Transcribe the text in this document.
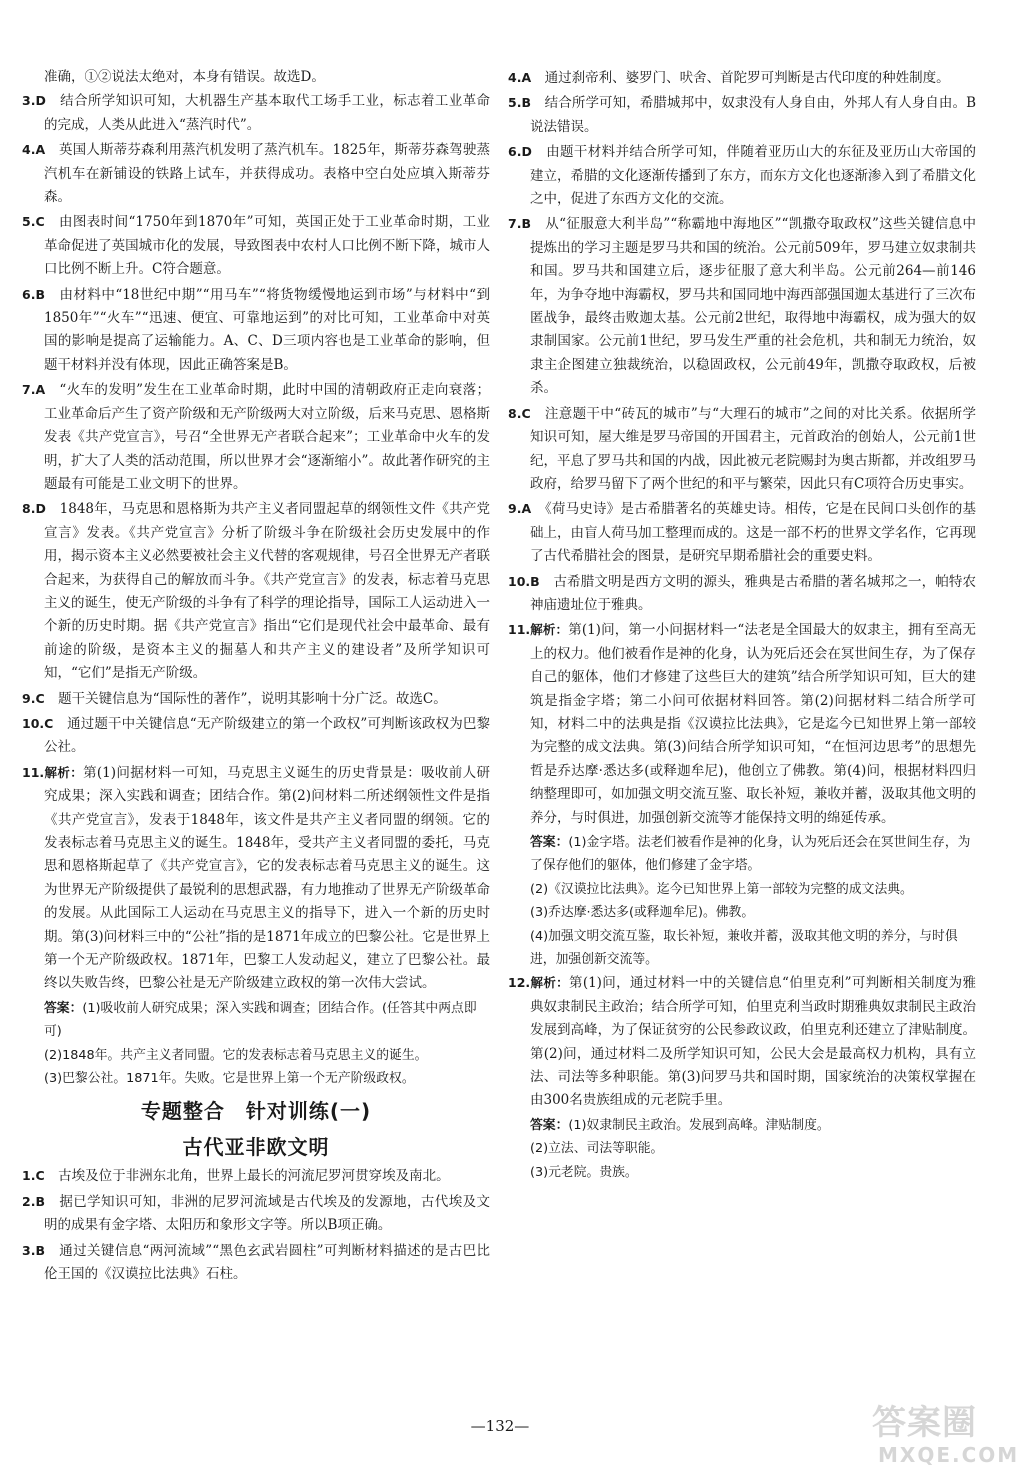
准确，①②说法太绝对，本身有错误。故选D。

3.D　 结合所学知识可知，大机器生产基本取代工场手工业，标志着工业革命的完成，人类从此进入“蒸汽时代”。

4.A　 英国人斯蒂芬森利用蒸汽机发明了蒸汽机车。1825年，斯蒂芬森驾驶蒸汽机车在新铺设的铁路上试车，并获得成功。表格中空白处应填入斯蒂芬森。

5.C　 由图表时间“1750年到1870年”可知，英国正处于工业革命时期，工业革命促进了英国城市化的发展，导致图表中农村人口比例不断下降，城市人口比例不断上升。C符合题意。

6.B　 由材料中“18世纪中期”“用马车”“将货物缓慢地运到市场”与材料中“到1850年”“火车”“迅速、便宜、可靠地运到”的对比可知，工业革命中对英国的影响是提高了运输能力。A、C、D三项内容也是工业革命的影响，但题干材料并没有体现，因此正确答案是B。

7.A　 “火车的发明”发生在工业革命时期，此时中国的清朝政府正走向衰落；工业革命后产生了资产阶级和无产阶级两大对立阶级，后来马克思、恩格斯发表《共产党宣言》，号召“全世界无产者联合起来”；工业革命中火车的发明，扩大了人类的活动范围，所以世界才会“逐渐缩小”。故此著作研究的主题最有可能是工业文明下的世界。

8.D　 1848年，马克思和恩格斯为共产主义者同盟起草的纲领性文件《共产党宣言》发表。《共产党宣言》分析了阶级斗争在阶级社会历史发展中的作用，揭示资本主义必然要被社会主义代替的客观规律，号召全世界无产者联合起来，为获得自己的解放而斗争。《共产党宣言》的发表，标志着马克思主义的诞生，使无产阶级的斗争有了科学的理论指导，国际工人运动进入一个新的历史时期。据《共产党宣言》指出“它们是现代社会中最革命、最有前途的阶级，是资本主义的掘墓人和共产主义的建设者”及所学知识可知，“它们”是指无产阶级。

9.C　 题干关键信息为“国际性的著作”，说明其影响十分广泛。故选C。

10.C　 通过题干中关键信息“无产阶级建立的第一个政权”可判断该政权为巴黎公社。

11.解析：第(1)问据材料一可知，马克思主义诞生的历史背景是：吸收前人研究成果；深入实践和调查；团结合作。第(2)问材料二所述纲领性文件是指《共产党宣言》，发表于1848年，该文件是共产主义者同盟的纲领。它的发表标志着马克思主义的诞生。1848年，受共产主义者同盟的委托，马克思和恩格斯起草了《共产党宣言》，它的发表标志着马克思主义的诞生。这为世界无产阶级提供了最锐利的思想武器，有力地推动了世界无产阶级革命的发展。从此国际工人运动在马克思主义的指导下，进入一个新的历史时期。第(3)问材料三中的“公社”指的是1871年成立的巴黎公社。它是世界上第一个无产阶级政权。1871年，巴黎工人发动起义，建立了巴黎公社。最终以失败告终，巴黎公社是无产阶级建立政权的第一次伟大尝试。

答案：(1)吸收前人研究成果；深入实践和调查；团结合作。(任答其中两点即可)

(2)1848年。共产主义者同盟。它的发表标志着马克思主义的诞生。

(3)巴黎公社。1871年。失败。它是世界上第一个无产阶级政权。

专题整合　针对训练(一)
古代亚非欧文明

1.C　 古埃及位于非洲东北角，世界上最长的河流尼罗河贯穿埃及南北。

2.B　 据已学知识可知，非洲的尼罗河流域是古代埃及的发源地，古代埃及文明的成果有金字塔、太阳历和象形文字等。所以B项正确。

3.B　 通过关键信息“两河流域”“黑色玄武岩圆柱”可判断材料描述的是古巴比伦王国的《汉谟拉比法典》石柱。

4.A　 通过刹帝利、婆罗门、吠舍、首陀罗可判断是古代印度的种姓制度。

5.B　 结合所学可知，希腊城邦中，奴隶没有人身自由，外邦人有人身自由。B说法错误。

6.D　 由题干材料并结合所学可知，伴随着亚历山大的东征及亚历山大帝国的建立，希腊的文化逐渐传播到了东方，而东方文化也逐渐渗入到了希腊文化之中，促进了东西方文化的交流。

7.B　 从“征服意大利半岛”“称霸地中海地区”“凯撒夺取政权”这些关键信息中提炼出的学习主题是罗马共和国的统治。公元前509年，罗马建立奴隶制共和国。罗马共和国建立后，逐步征服了意大利半岛。公元前264—前146年，为争夺地中海霸权，罗马共和国同地中海西部强国迦太基进行了三次布匿战争，最终击败迦太基。公元前2世纪，取得地中海霸权，成为强大的奴隶制国家。公元前1世纪，罗马发生严重的社会危机，共和制无力统治，奴隶主企图建立独裁统治，以稳固政权，公元前49年，凯撒夺取政权，后被杀。

8.C　 注意题干中“砖瓦的城市”与“大理石的城市”之间的对比关系。依据所学知识可知，屋大维是罗马帝国的开国君主，元首政治的创始人，公元前1世纪，平息了罗马共和国的内战，因此被元老院赐封为奥古斯都，并改组罗马政府，给罗马留下了两个世纪的和平与繁荣，因此只有C项符合历史事实。

9.A　 《荷马史诗》是古希腊著名的英雄史诗。相传，它是在民间口头创作的基础上，由盲人荷马加工整理而成的。这是一部不朽的世界文学名作，它再现了古代希腊社会的图景，是研究早期希腊社会的重要史料。

10.B　 古希腊文明是西方文明的源头，雅典是古希腊的著名城邦之一，帕特农神庙遗址位于雅典。

11.解析：第(1)问，第一小问据材料一“法老是全国最大的奴隶主，拥有至高无上的权力。他们被看作是神的化身，认为死后还会在冥世间生存，为了保存自己的躯体，他们才修建了这些巨大的建筑”结合所学知识可知，巨大的建筑是指金字塔；第二小问可依据材料回答。第(2)问据材料二结合所学可知，材料二中的法典是指《汉谟拉比法典》，它是迄今已知世界上第一部较为完整的成文法典。第(3)问结合所学知识可知，“在恒河边思考”的思想先哲是乔达摩·悉达多(或释迦牟尼)，他创立了佛教。第(4)问，根据材料四归纳整理即可，如加强文明交流互鉴、取长补短，兼收并蓄，汲取其他文明的养分，与时俱进，加强创新交流等才能保持文明的绵延传承。

答案：(1)金字塔。法老们被看作是神的化身，认为死后还会在冥世间生存，为了保存他们的躯体，他们修建了金字塔。

(2)《汉谟拉比法典》。迄今已知世界上第一部较为完整的成文法典。

(3)乔达摩·悉达多(或释迦牟尼)。佛教。

(4)加强文明交流互鉴，取长补短，兼收并蓄，汲取其他文明的养分，与时俱进，加强创新交流等。

12.解析：第(1)问，通过材料一中的关键信息“伯里克利”可判断相关制度为雅典奴隶制民主政治；结合所学可知，伯里克利当政时期雅典奴隶制民主政治发展到高峰，为了保证贫穷的公民参政议政，伯里克利还建立了津贴制度。第(2)问，通过材料二及所学知识可知，公民大会是最高权力机构，具有立法、司法等多种职能。第(3)问罗马共和国时期，国家统治的决策权掌握在由300名贵族组成的元老院手里。

答案：(1)奴隶制民主政治。发展到高峰。津贴制度。

(2)立法、司法等职能。

(3)元老院。贵族。

—132—	答案圈
MXQE.COM
